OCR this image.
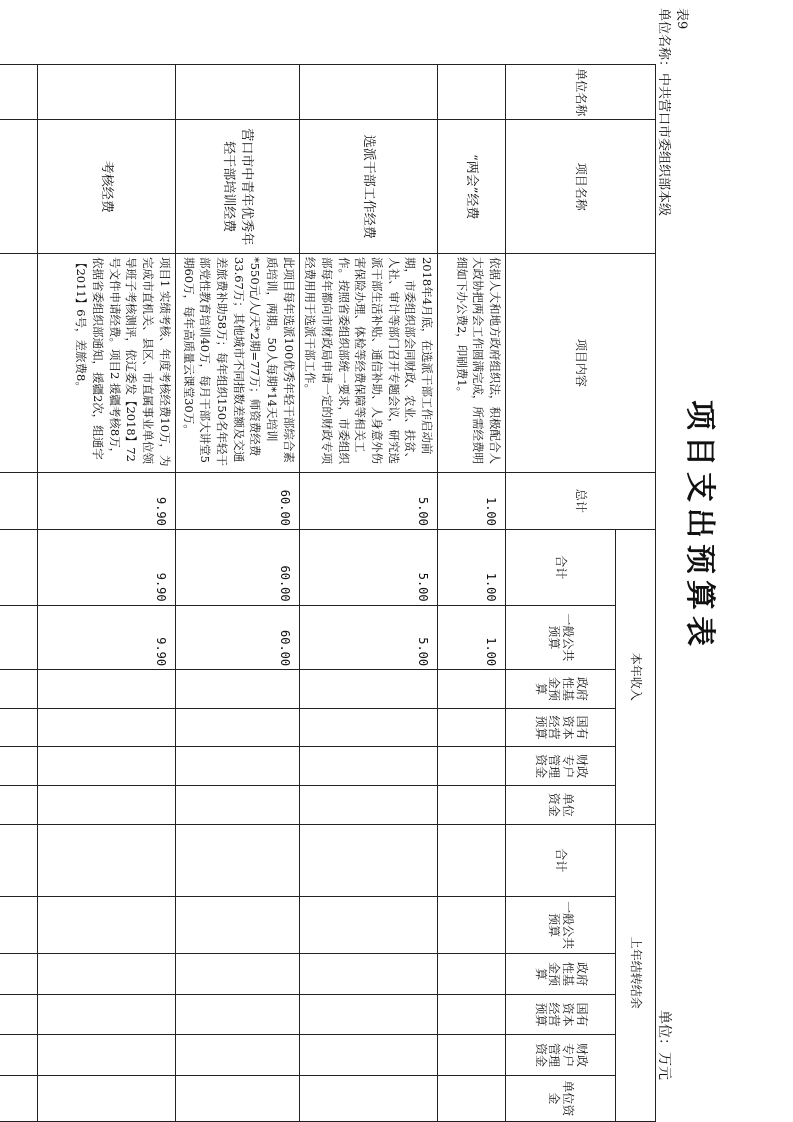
项目支出预算表
单位：万元
表9
单位名称：中共营口市委组织部本级
单位名称	项目名称	项目内容	总计	本年收入						上年结转结余					
				合计	一般公共预算	政府性基金预算	国有资本经营预算	财政专户管理资金	单位资金	合计	一般公共预算	政府性基金预算	国有资本经营预算	财政专户管理资金	单位资金
	“两会”经费	依据人大和地方政府组织法，积极配合人大政协把两会工作圆满完成，所需经费明细如下办公费2，印刷费1。	1.00	1.00	1.00										
	选派干部工作经费	2018年4月底，在选派干部工作启动前期，市委组织部会同财政、农业、扶贫、人社、审计等部门召开专题会议，研究选派干部生活补贴、通信补助、人身意外伤害保险办理、体检等经费保障等相关工作。按照省委组织部统一要求，市委组织部每年都向市财政局申请一定的财政专项经费用用于选派干部工作。	5.00	5.00	5.00										
	营口市中青年优秀年轻干部培训经费	此项目每年选派100优秀年轻干部综合素质培训，两期。50人每期*14天培训*550元/人/天*2期=77万；师资费经费33.67万；其他城市不同指数差额及交通差旅费补助58万；每年组织150名年轻干部党性教育培训40万，每月干部大讲堂5期60万，每年高质量云课堂30万。	60.00	60.00	60.00										
	考核经费	项目1 实绩考核、年度考核经费10万，为完成市直机关、县区、市直属事业单位领导班子考核测评，依辽委发【2018】72号文件申请经费。项目2 援疆考核8万，依据省委组织部通知，援疆2次，组通字【2011】6号，差旅费8。	9.90	9.90	9.90										
